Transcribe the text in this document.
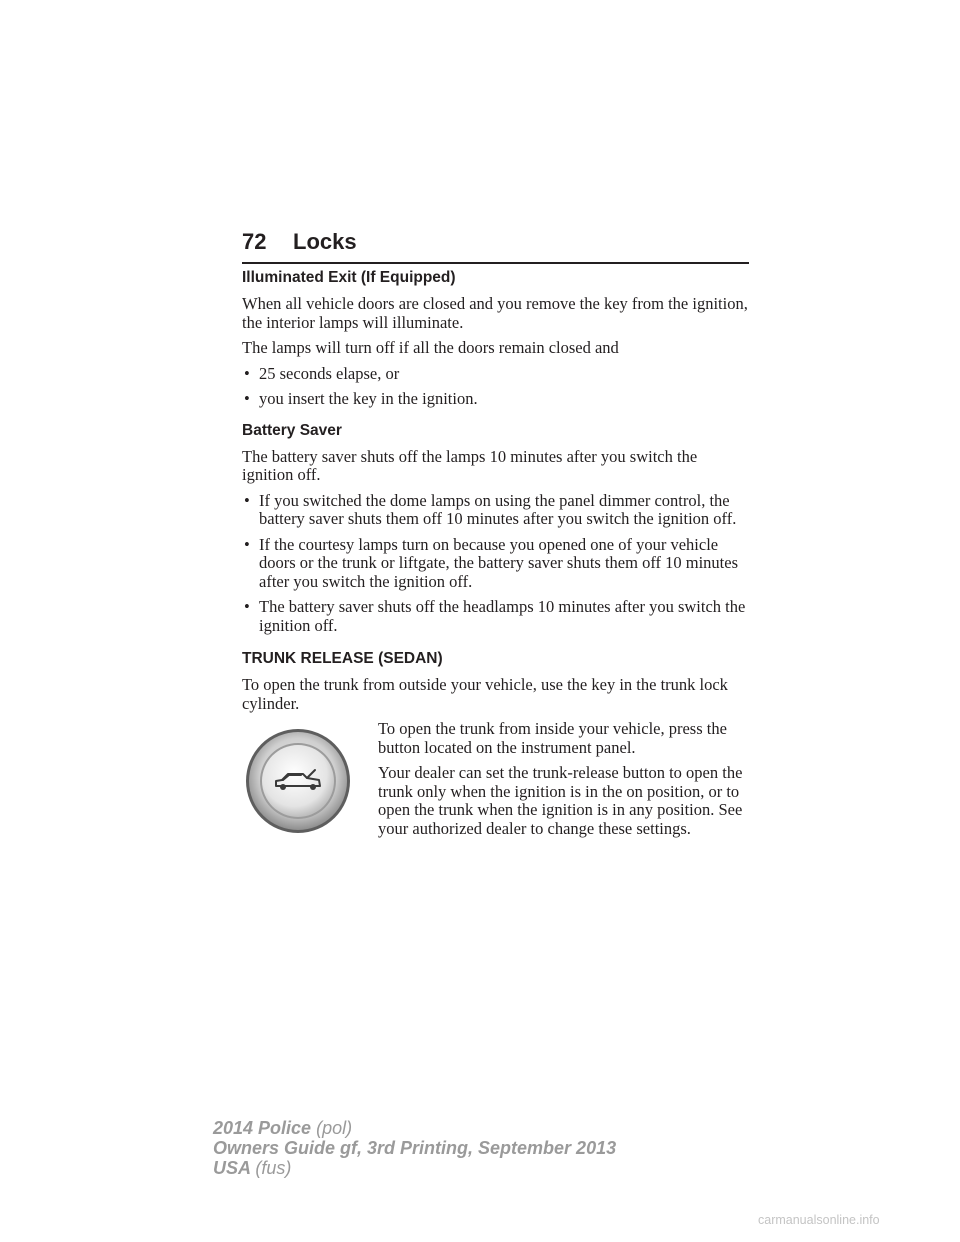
72 Locks
Illuminated Exit (If Equipped)

When all vehicle doors are closed and you remove the key from the ignition, the interior lamps will illuminate.

The lamps will turn off if all the doors remain closed and

• 25 seconds elapse, or
• you insert the key in the ignition.
Battery Saver

The battery saver shuts off the lamps 10 minutes after you switch the ignition off.

• If you switched the dome lamps on using the panel dimmer control, the battery saver shuts them off 10 minutes after you switch the ignition off.
• If the courtesy lamps turn on because you opened one of your vehicle doors or the trunk or liftgate, the battery saver shuts them off 10 minutes after you switch the ignition off.
• The battery saver shuts off the headlamps 10 minutes after you switch the ignition off.
TRUNK RELEASE (SEDAN)

To open the trunk from outside your vehicle, use the key in the trunk lock cylinder.

To open the trunk from inside your vehicle, press the button located on the instrument panel.

Your dealer can set the trunk-release button to open the trunk only when the ignition is in the on position, or to open the trunk when the ignition is in any position. See your authorized dealer to change these settings.

2014 Police (pol)
Owners Guide gf, 3rd Printing, September 2013
USA (fus)
carmanualsonline.info
